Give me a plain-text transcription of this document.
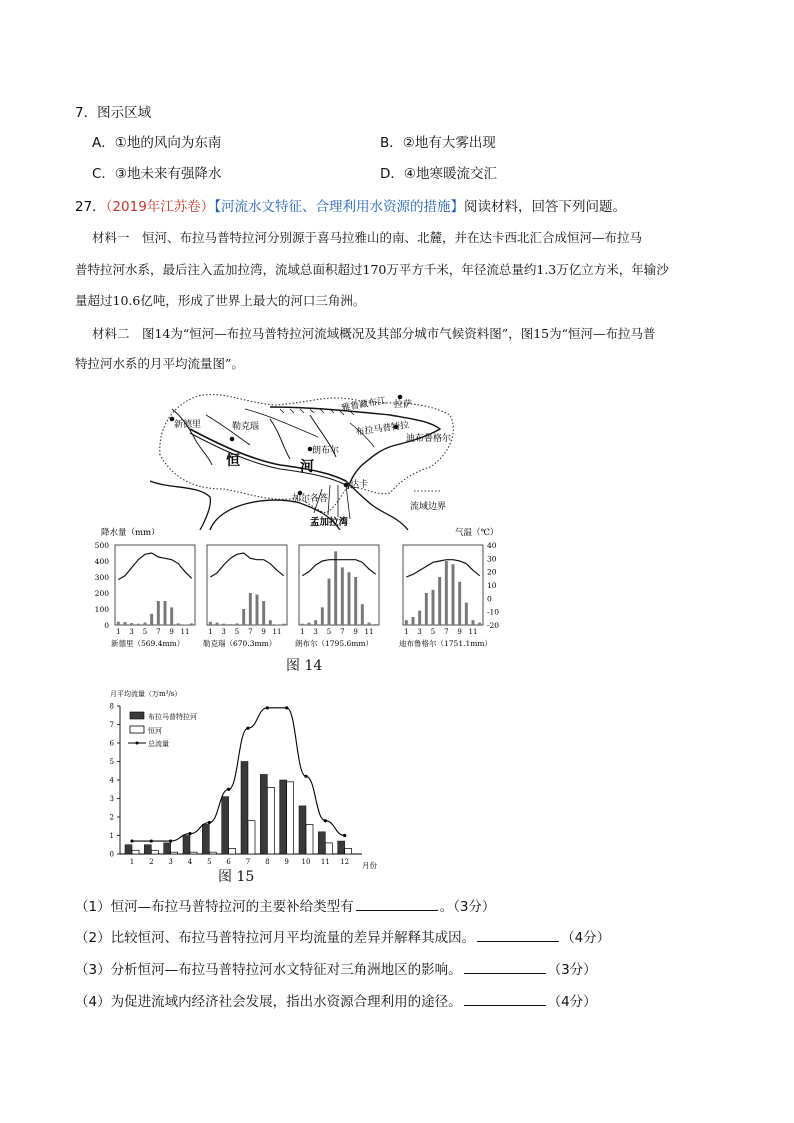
7．图示区域
A．①地的风向为东南	B．②地有大雾出现
C．③地未来有强降水	D．④地寒暖流交汇
27．（2019年江苏卷）【河流水文特征、合理利用水资源的措施】阅读材料，回答下列问题。
材料一　恒河、布拉马普特拉河分别源于喜马拉雅山的南、北麓，并在达卡西北汇合成恒河—布拉马
普特拉河水系，最后注入孟加拉湾，流域总面积超过170万平方千米，年径流总量约1.3万亿立方米，年输沙
量超过10.6亿吨，形成了世界上最大的河口三角洲。
材料二　图14为“恒河—布拉马普特拉河流域概况及其部分城市气候资料图”，图15为“恒河—布拉马普
特拉河水系的月平均流量图”。
雅鲁藏布江 拉萨
新德里	勒克瑙
恒	河
布拉马普特拉
迪布鲁格尔
朗布尔
加尔各答
达卡
孟加拉湾
流域边界
降水量（mm）	气温（℃）
500
400
300
200
100
0
40
30
20
10
0
-10
-20
1 3 5 7 9 11
新德里（569.4mm）
1 3 5 7 9 11
勒克瑙（670.3mm）
1 3 5 7 9 11
朗布尔（1795.6mm）
1 3 5 7 9 11
迪布鲁格尔（1751.1mm）
图 14
月平均流量（万m³/s）
0
1
2
3
4
5
6
7
8
1 2 3 4 5 6 7 8 9 10 11 12
布拉马普特拉河
恒河
总流量
月份
图 15
（1）恒河—布拉马普特拉河的主要补给类型有	。（3分）
（2）比较恒河、布拉马普特拉河月平均流量的差异并解释其成因。	（4分）
（3）分析恒河—布拉马普特拉河水文特征对三角洲地区的影响。	（3分）
（4）为促进流域内经济社会发展，指出水资源合理利用的途径。	（4分）
